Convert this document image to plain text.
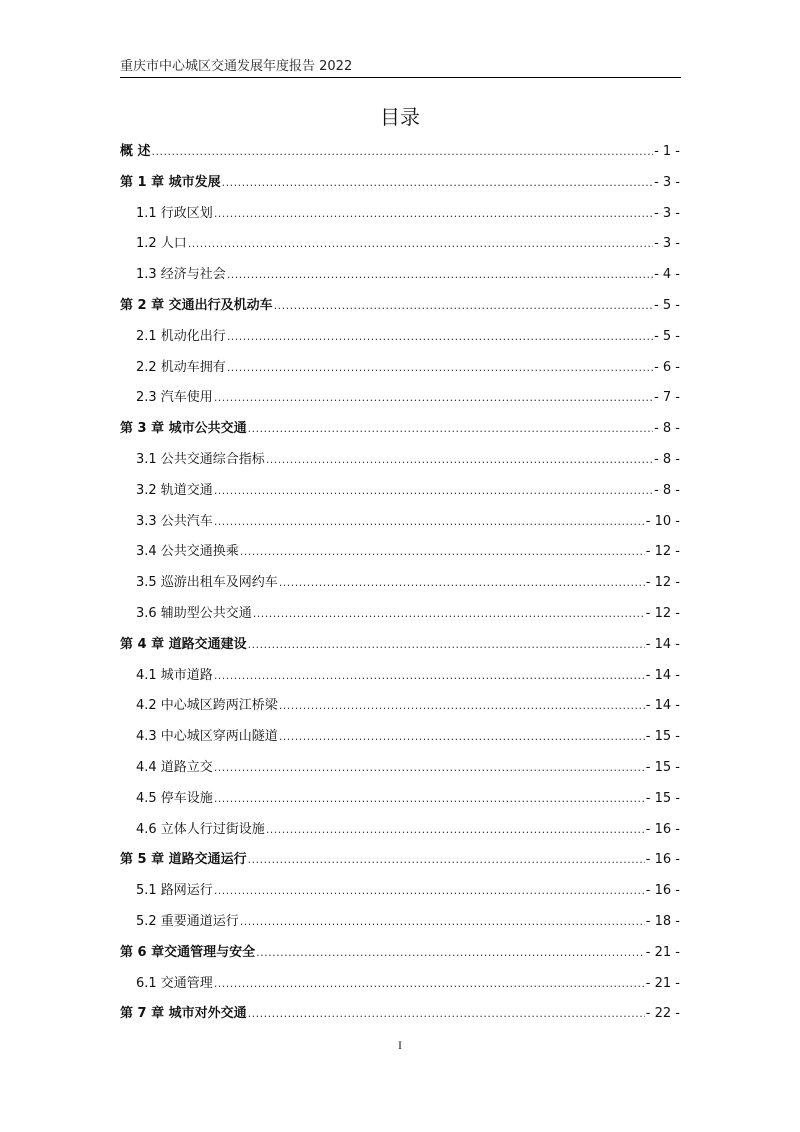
重庆市中心城区交通发展年度报告 2022
目录
概 述 .....	- 1 -
第 1 章 城市发展 .....	- 3 -
1.1 行政区划 .....	- 3 -
1.2 人口 .....	- 3 -
1.3 经济与社会 .....	- 4 -
第 2 章 交通出行及机动车 .....	- 5 -
2.1 机动化出行 .....	- 5 -
2.2 机动车拥有 .....	- 6 -
2.3 汽车使用 .....	- 7 -
第 3 章 城市公共交通 .....	- 8 -
3.1 公共交通综合指标 .....	- 8 -
3.2 轨道交通 .....	- 8 -
3.3 公共汽车 .....	- 10 -
3.4 公共交通换乘 .....	- 12 -
3.5 巡游出租车及网约车 .....	- 12 -
3.6 辅助型公共交通 .....	- 12 -
第 4 章 道路交通建设 .....	- 14 -
4.1 城市道路 .....	- 14 -
4.2 中心城区跨两江桥梁 .....	- 14 -
4.3 中心城区穿两山隧道 .....	- 15 -
4.4 道路立交 .....	- 15 -
4.5 停车设施 .....	- 15 -
4.6 立体人行过街设施 .....	- 16 -
第 5 章 道路交通运行 .....	- 16 -
5.1 路网运行 .....	- 16 -
5.2 重要通道运行 .....	- 18 -
第 6 章交通管理与安全 .....	- 21 -
6.1 交通管理 .....	- 21 -
第 7 章 城市对外交通 .....	- 22 -
I
